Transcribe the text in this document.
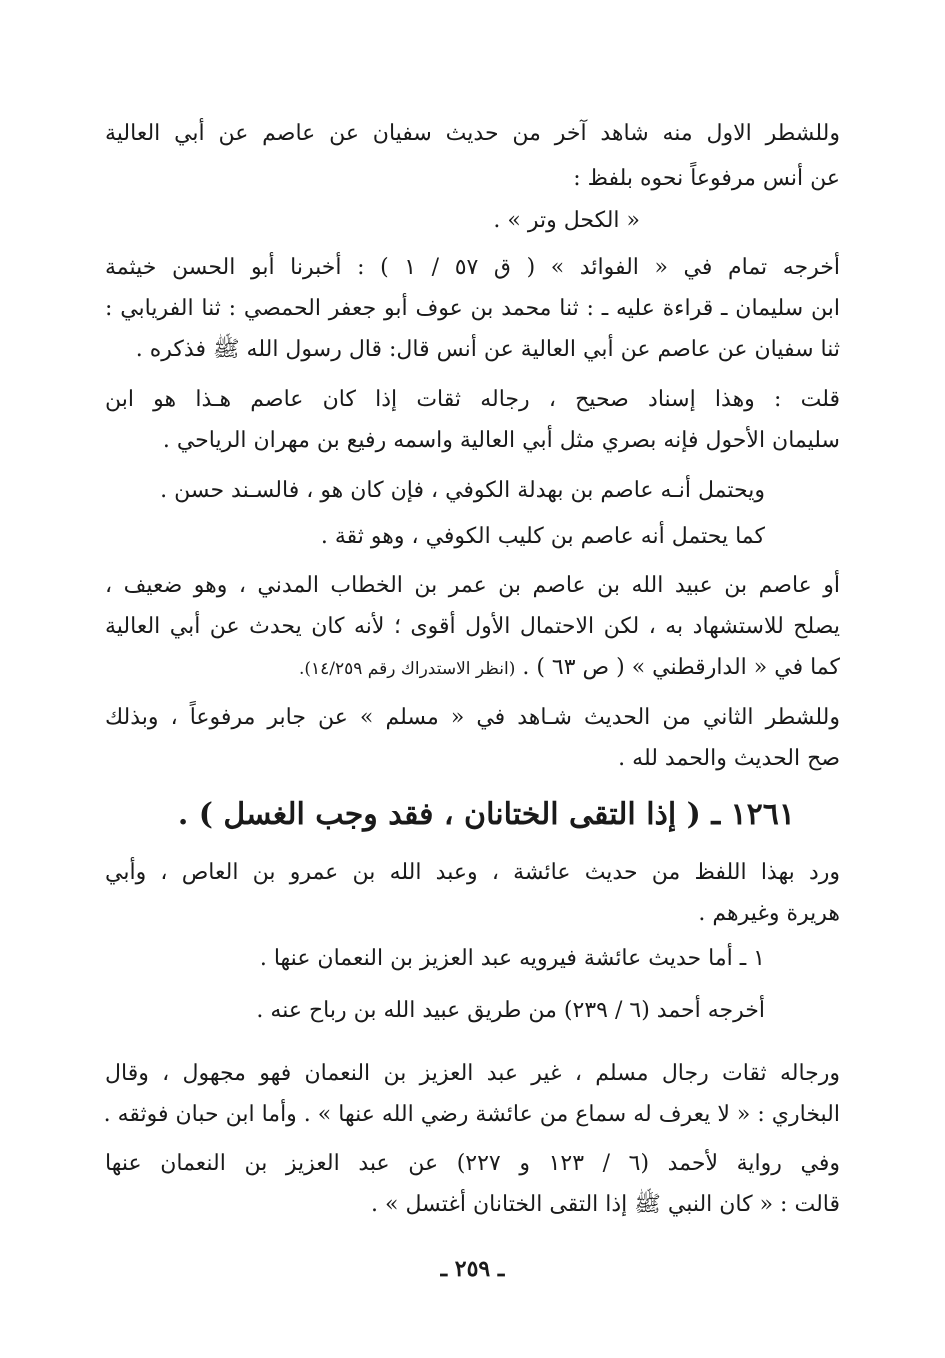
وللشطر الاول منه شاهد آخر من حديث سفيان عن عاصم عن أبي العالية
عن أنس مرفوعاً نحوه بلفظ :
« الكحل وتر » .
أخرجه تمام في « الفوائد » ( ق ٥٧ / ١ ) : أخبرنا أبو الحسن خيثمة
ابن سليمان ـ قراءة عليه ـ : ثنا محمد بن عوف أبو جعفر الحمصي : ثنا الفريابي :
ثنا سفيان عن عاصم عن أبي العالية عن أنس قال: قال رسول الله ﷺ فذكره .
قلت : وهذا إسناد صحيح ، رجاله ثقات إذا كان عاصم هـذا هو ابن
سليمان الأحول فإنه بصري مثل أبي العالية واسمه رفيع بن مهران الرياحي .
ويحتمل أنـه عاصم بن بهدلة الكوفي ، فإن كان هو ، فالسـند حسن .
كما يحتمل أنه عاصم بن كليب الكوفي ، وهو ثقة .
أو عاصم بن عبيد الله بن عاصم بن عمر بن الخطاب المدني ، وهو ضعيف ،
يصلح للاستشهاد به ، لكن الاحتمال الأول أقوى ؛ لأنه كان يحدث عن أبي العالية
كما في « الدارقطني » ( ص ٦٣ ) . (انظر الاستدراك رقم ١٤/٢٥٩).
وللشطر الثاني من الحديث شـاهد في « مسلم » عن جابر مرفوعاً ، وبذلك
صح الحديث والحمد لله .
١٢٦١ ـ ( إذا التقى الختانان ، فقد وجب الغسل ) .
ورد بهذا اللفظ من حديث عائشة ، وعبد الله بن عمرو بن العاص ، وأبي
هريرة وغيرهم .
١ ـ أما حديث عائشة فيرويه عبد العزيز بن النعمان عنها .
أخرجه أحمد (٦ / ٢٣٩) من طريق عبيد الله بن رباح عنه .
ورجاله ثقات رجال مسلم ، غير عبد العزيز بن النعمان فهو مجهول ، وقال
البخاري : « لا يعرف له سماع من عائشة رضي الله عنها » . وأما ابن حبان فوثقه .
وفي رواية لأحمد (٦ / ١٢٣ و ٢٢٧) عن عبد العزيز بن النعمان عنها
قالت : « كان النبي ﷺ إذا التقى الختانان أغتسل » .
ـ ٢٥٩ ـ
